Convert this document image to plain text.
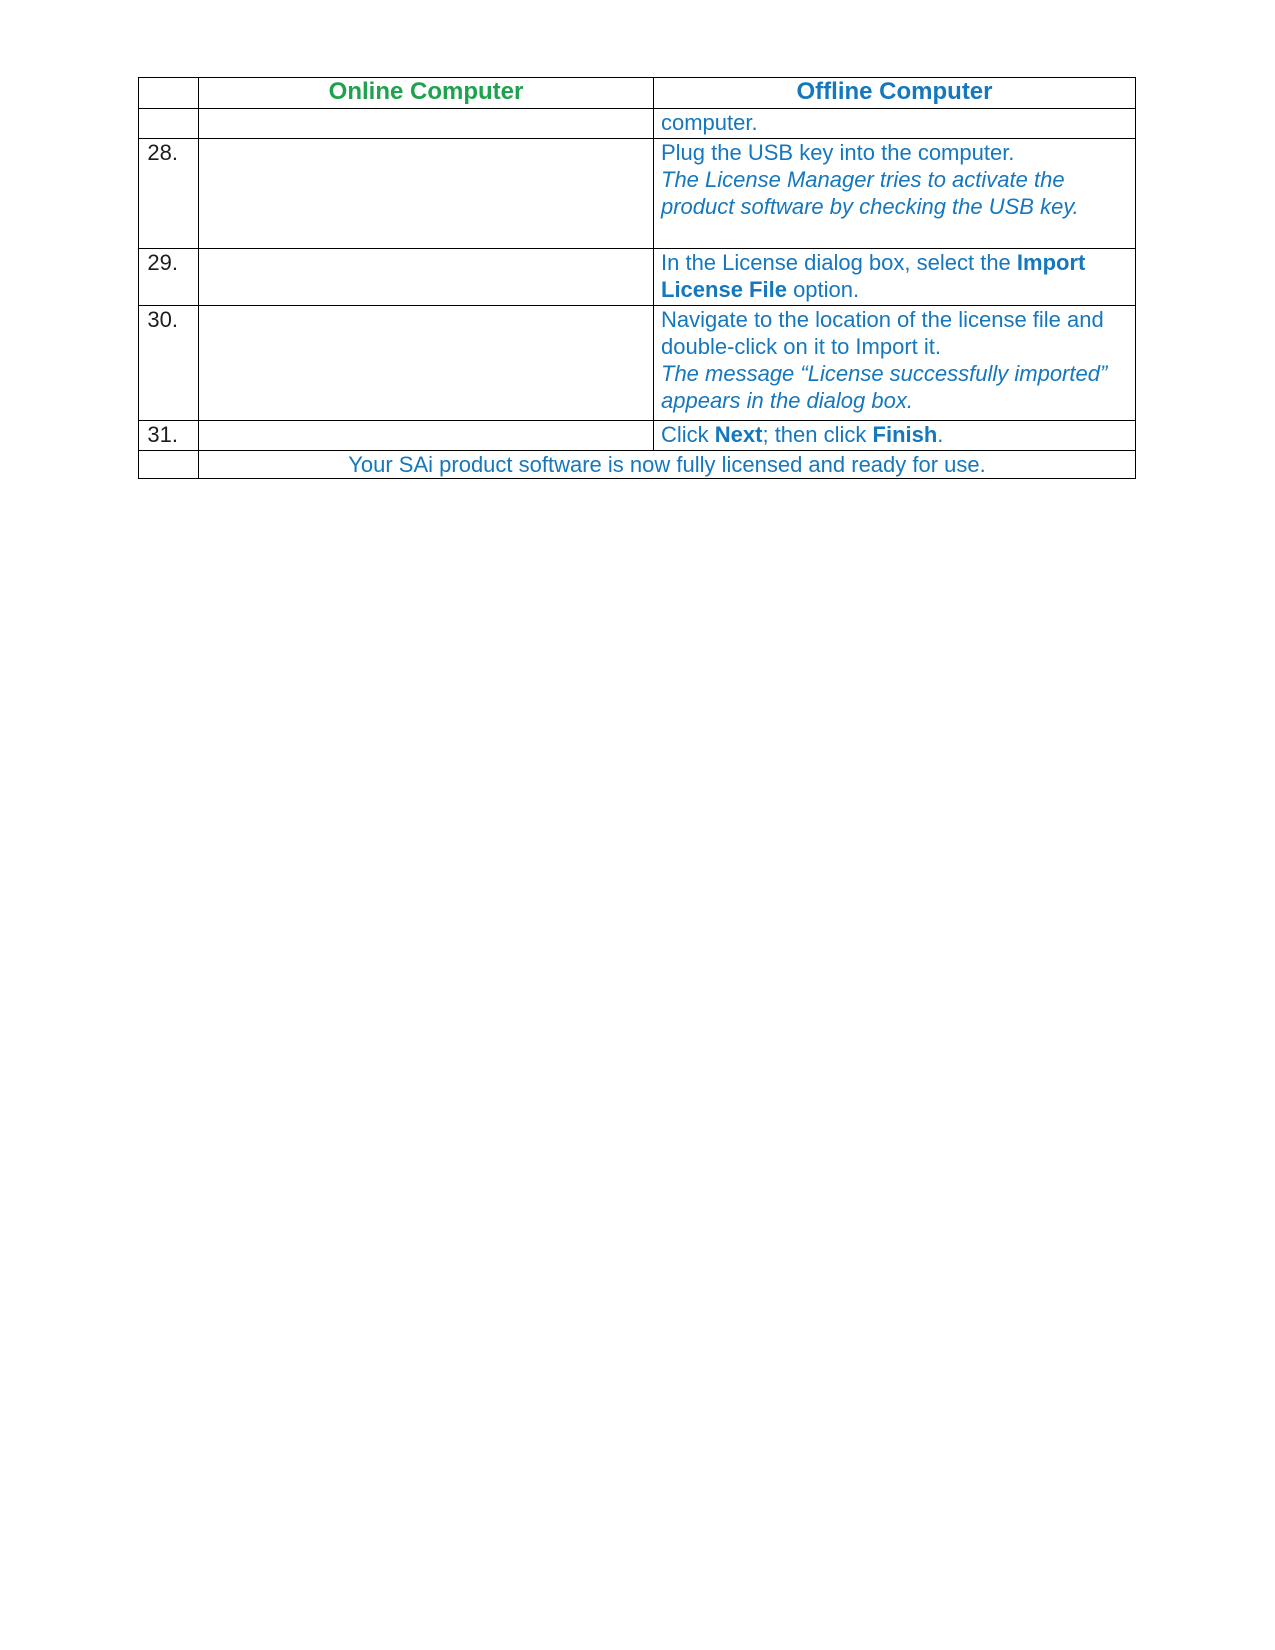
	Online Computer	Offline Computer

		computer.

28.		Plug the USB key into the computer.
The License Manager tries to activate the product software by checking the USB key.

29.		In the License dialog box, select the Import License File option.

30.		Navigate to the location of the license file and double-click on it to Import it.
The message “License successfully imported” appears in the dialog box.

31.		Click Next; then click Finish.

	Your SAi product software is now fully licensed and ready for use.	
